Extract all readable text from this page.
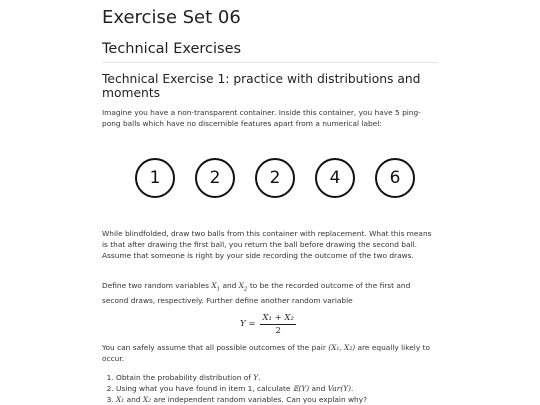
Exercise Set 06
Technical Exercises
Technical Exercise 1: practice with distributions and moments

Imagine you have a non-transparent container. Inside this container, you have 5 ping-pong balls which have no discernible features apart from a numerical label:

While blindfolded, draw two balls from this container with replacement. What this means is that after drawing the first ball, you return the ball before drawing the second ball. Assume that someone is right by your side recording the outcome of the two draws.

Define two random variables $X_1$ and $X_2$ to be the recorded outcome of the first and second draws, respectively. Further define another random variable

You can safely assume that all possible outcomes of the pair (X₁, X₂) are equally likely to occur.

1. Obtain the probability distribution of Y.
2. Using what you have found in item 1, calculate 𝔼(Y) and Var(Y).
3. X₁ and X₂ are independent random variables. Can you explain why?
1	2	2	4	6
$Y = \frac{\text{X₁ + X₂}}{2}$
